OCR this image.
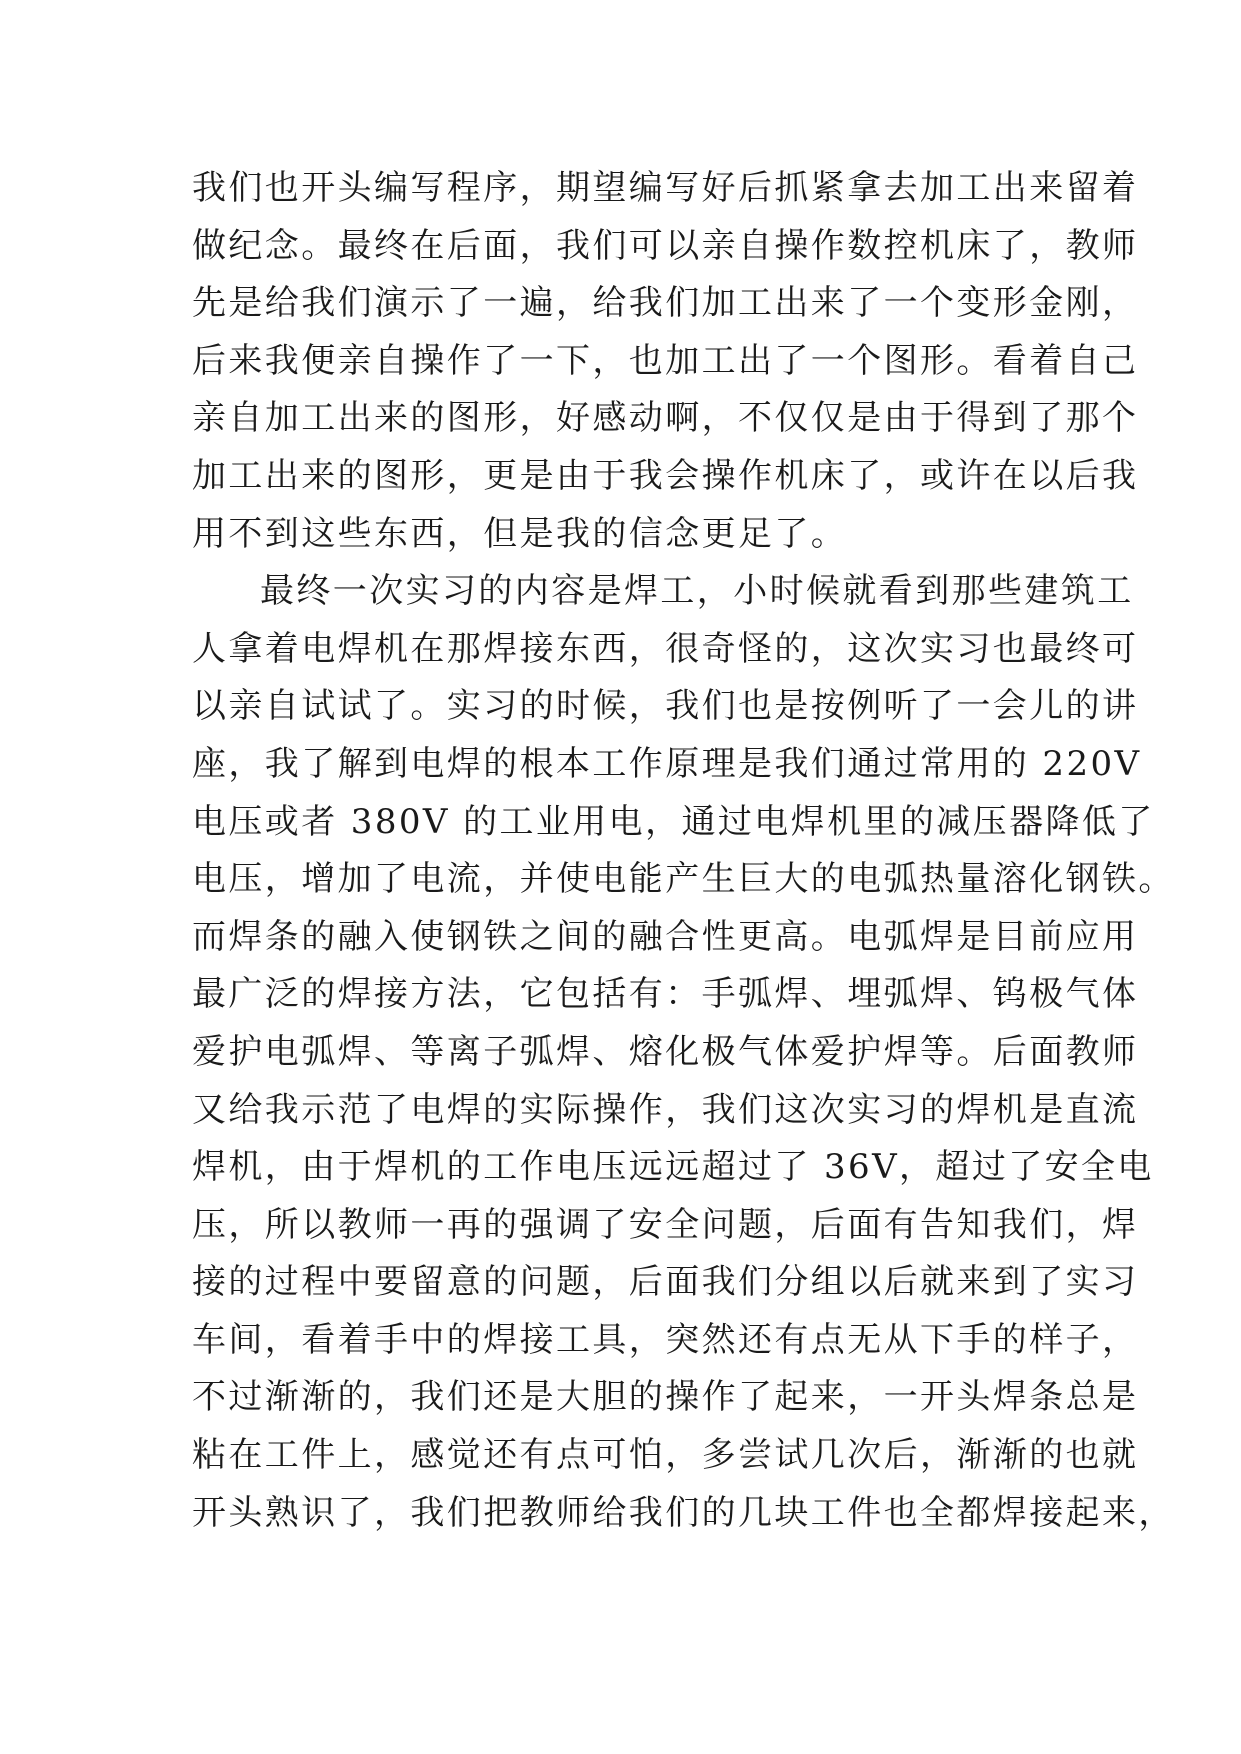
我们也开头编写程序，期望编写好后抓紧拿去加工出来留着
做纪念。最终在后面，我们可以亲自操作数控机床了，教师
先是给我们演示了一遍，给我们加工出来了一个变形金刚，
后来我便亲自操作了一下，也加工出了一个图形。看着自己
亲自加工出来的图形，好感动啊，不仅仅是由于得到了那个
加工出来的图形，更是由于我会操作机床了，或许在以后我
用不到这些东西，但是我的信念更足了。
最终一次实习的内容是焊工，小时候就看到那些建筑工
人拿着电焊机在那焊接东西，很奇怪的，这次实习也最终可
以亲自试试了。实习的时候，我们也是按例听了一会儿的讲
座，我了解到电焊的根本工作原理是我们通过常用的 220V
电压或者 380V 的工业用电，通过电焊机里的减压器降低了
电压，增加了电流，并使电能产生巨大的电弧热量溶化钢铁。
而焊条的融入使钢铁之间的融合性更高。电弧焊是目前应用
最广泛的焊接方法，它包括有：手弧焊、埋弧焊、钨极气体
爱护电弧焊、等离子弧焊、熔化极气体爱护焊等。后面教师
又给我示范了电焊的实际操作，我们这次实习的焊机是直流
焊机，由于焊机的工作电压远远超过了 36V，超过了安全电
压，所以教师一再的强调了安全问题，后面有告知我们，焊
接的过程中要留意的问题，后面我们分组以后就来到了实习
车间，看着手中的焊接工具，突然还有点无从下手的样子，
不过渐渐的，我们还是大胆的操作了起来，一开头焊条总是
粘在工件上，感觉还有点可怕，多尝试几次后，渐渐的也就
开头熟识了，我们把教师给我们的几块工件也全都焊接起来，
